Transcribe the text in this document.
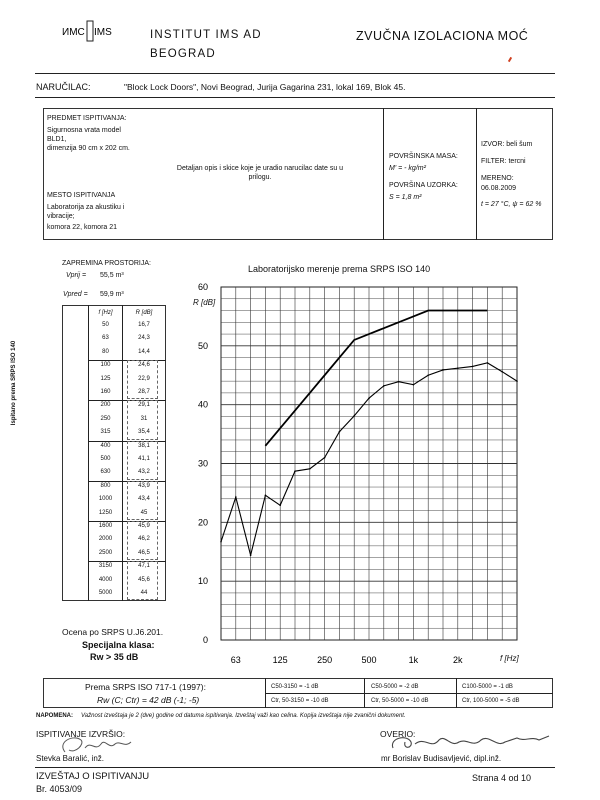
ИМС IMS	INSTITUT IMS AD
BEOGRAD
ZVUČNA IZOLACIONA MOĆ
NARUČILAC:	"Block Lock Doors", Novi Beograd, Jurija Gagarina 231, lokal 169, Blok 45.
PREDMET ISPITIVANJA:
Sigurnosna vrata model
BLD1,
dimenzija 90 cm x 202 cm.
Detaljan opis i skice koje je uradio narucilac date su u
prilogu.
MESTO ISPITIVANJA
Laboratorija za akustiku i
vibracije;
komora 22, komora 21
POVRŠINSKA MASA:
M' = - kg/m²
POVRŠINA UZORKA:
S = 1,8 m²
IZVOR: beli šum
FILTER: tercni
MERENO:
06.08.2009
t = 27 °C, ψ = 62 %
ZAPREMINA PROSTORIJA:
Vprij = 55,5 m³
Vpred = 59,9 m³
Ispitano prema SRPS ISO 140
f [Hz]	R [dB]
50	16,7
63	24,3
80	14,4
100	24,6
125	22,9
160	28,7
200	29,1
250	31
315	35,4
400	38,1
500	41,1
630	43,2
800	43,9
1000	43,4
1250	45
1600	45,9
2000	46,2
2500	46,5
3150	47,1
4000	45,6
5000	44
Ocena po SRPS U.J6.201.
Specijalna klasa:
Rw > 35 dB
Laboratorijsko merenje prema SRPS ISO 140
R [dB]
f [Hz]
0
10
20
30
40
50
60
63	125	250	500	1k	2k
Prema SRPS ISO 717-1 (1997):
Rw (C; Ctr) = 42 dB (-1; -5)
C50-3150 = -1 dB	C50-5000 = -2 dB	C100-5000 = -1 dB
Ctr, 50-3150 = -10 dB	Ctr, 50-5000 = -10 dB	Ctr, 100-5000 = -5 dB
NAPOMENA: Važnost izveštaja je 2 (dve) godine od datuma ispitivanja. Izveštaj važi kao celina. Kopija izveštaja nije zvanični dokument.
ISPITIVANJE IZVRŠIO:
Stevka Baralić, inž.
OVERIO:
mr Borislav Budisavljević, dipl.inž.
IZVEŠTAJ O ISPITIVANJU
Br. 4053/09
Strana 4 od 10
